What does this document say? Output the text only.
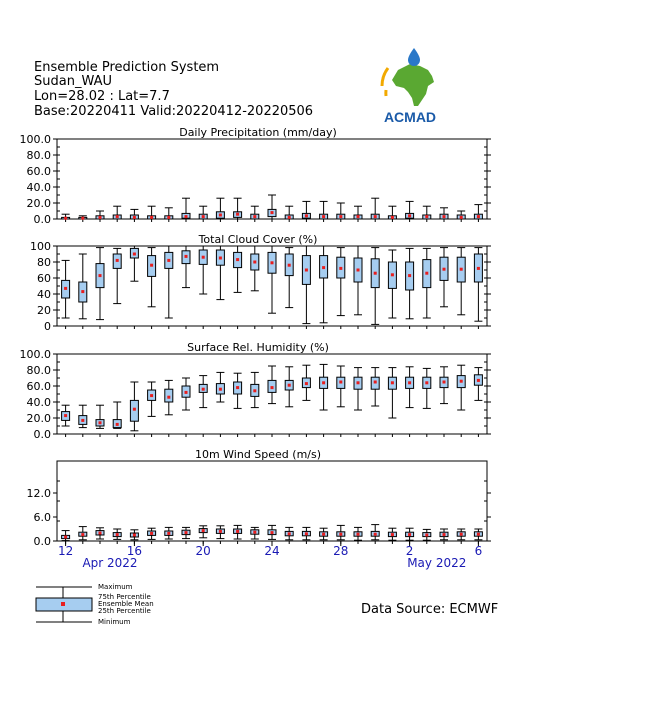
Ensemble Prediction System
Sudan_WAU
Lon=28.02 : Lat=7.7
Base:20220411 Valid:20220412-20220506	ACMAD
Daily Precipitation (mm/day)
0.0
20.0
40.0
60.0
80.0
100.0
Total Cloud Cover (%)
0
20
40
60
80
100
Surface Rel. Humidity (%)
0.0
20.0
40.0
60.0
80.0
100.0
10m Wind Speed (m/s)
0.0
6.0
12.0
12	16	20	24	28	2	6
Apr 2022	May 2022
Maximum
75th Percentile
Ensemble Mean
25th Percentile
Minimum
Data Source: ECMWF
